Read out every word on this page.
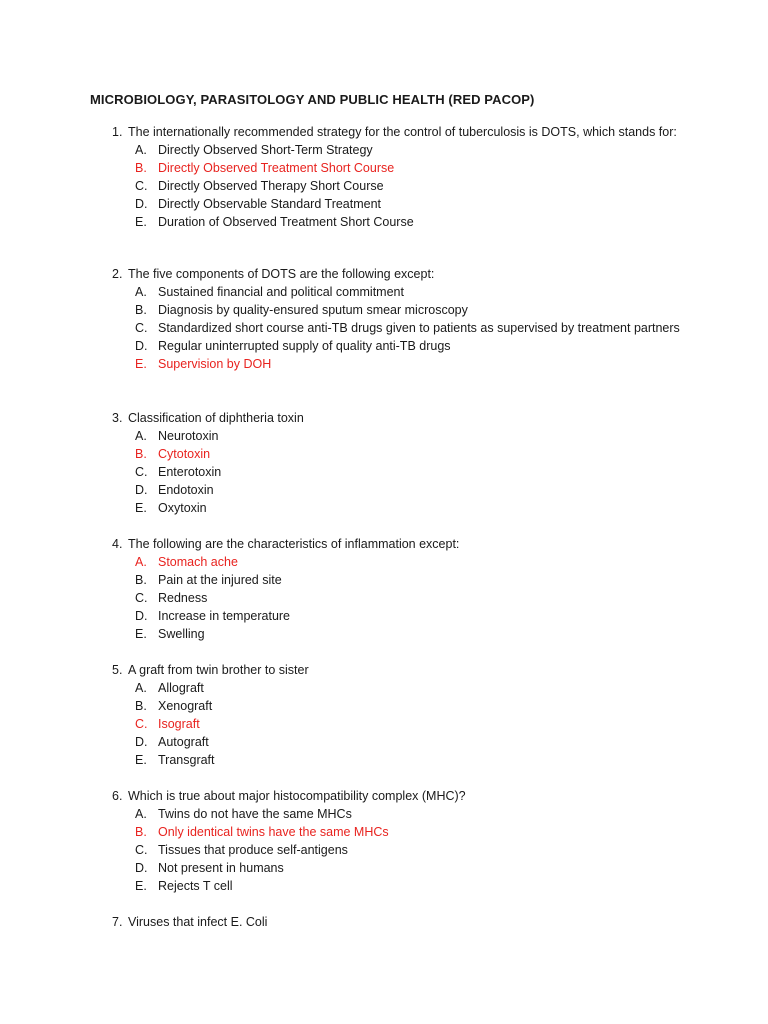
MICROBIOLOGY, PARASITOLOGY AND PUBLIC HEALTH (RED PACOP)
1. The internationally recommended strategy for the control of tuberculosis is DOTS, which stands for:
A. Directly Observed Short-Term Strategy
B. Directly Observed Treatment Short Course
C. Directly Observed Therapy Short Course
D. Directly Observable Standard Treatment
E. Duration of Observed Treatment Short Course
2. The five components of DOTS are the following except:
A. Sustained financial and political commitment
B. Diagnosis by quality-ensured sputum smear microscopy
C. Standardized short course anti-TB drugs given to patients as supervised by treatment partners
D. Regular uninterrupted supply of quality anti-TB drugs
E. Supervision by DOH
3. Classification of diphtheria toxin
A. Neurotoxin
B. Cytotoxin
C. Enterotoxin
D. Endotoxin
E. Oxytoxin
4. The following are the characteristics of inflammation except:
A. Stomach ache
B. Pain at the injured site
C. Redness
D. Increase in temperature
E. Swelling
5. A graft from twin brother to sister
A. Allograft
B. Xenograft
C. Isograft
D. Autograft
E. Transgraft
6. Which is true about major histocompatibility complex (MHC)?
A. Twins do not have the same MHCs
B. Only identical twins have the same MHCs
C. Tissues that produce self-antigens
D. Not present in humans
E. Rejects T cell
7. Viruses that infect E. Coli
